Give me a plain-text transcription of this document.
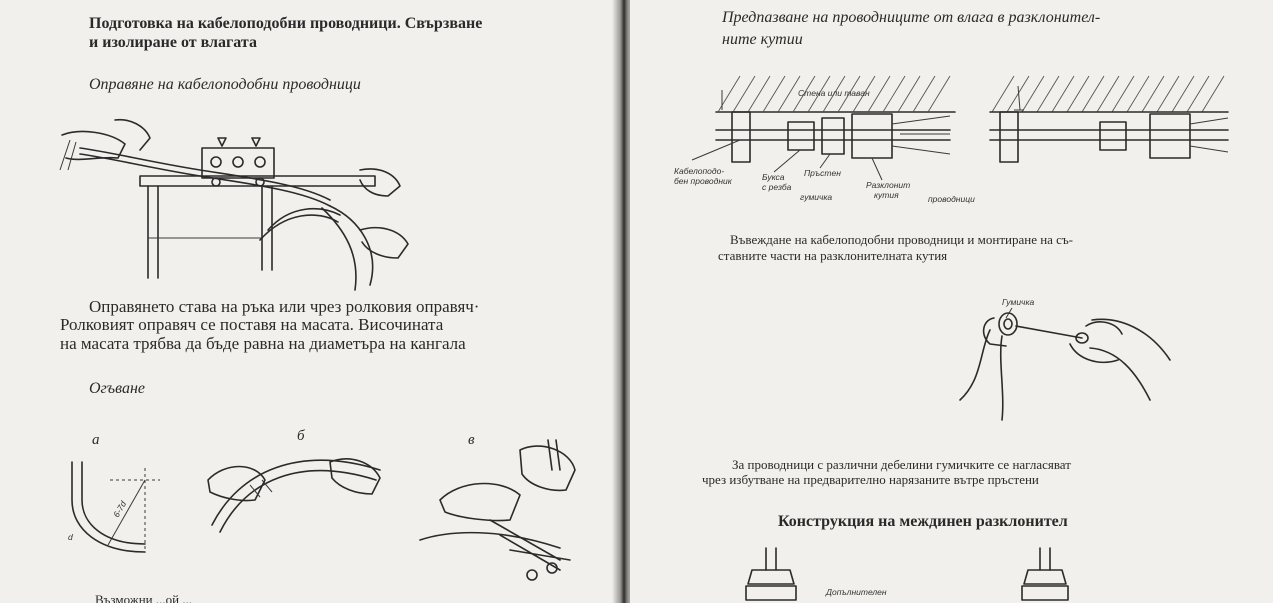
Подготовка на кабелоподобни проводници. Свързване
и изолиране от влагата
Оправяне на кабелоподобни проводници
Оправянето става на ръка или чрез ролковия оправяч·
Ролковият оправяч се поставя на масата. Височината
на масата трябва да бъде равна на диаметъра на кангала
Огъване
а	б	в
6-7d
d
Възможни ...ой ...
Предпазване на проводниците от влага в разклонител-
ните кутии
Стена или таван
Кабелоподо-
бен проводник	Букса
с резба
Пръстен
гумичка
Разклонит
кутия	проводници
Въвеждане на кабелоподобни проводници и монтиране на съ-
ставните части на разклонителната кутия
Гумичка
За проводници с различни дебелини гумичките се нагласяват
чрез избутване на предварително нарязаните вътре пръстени
Конструкция на междинен разклонител
Допълнителен
